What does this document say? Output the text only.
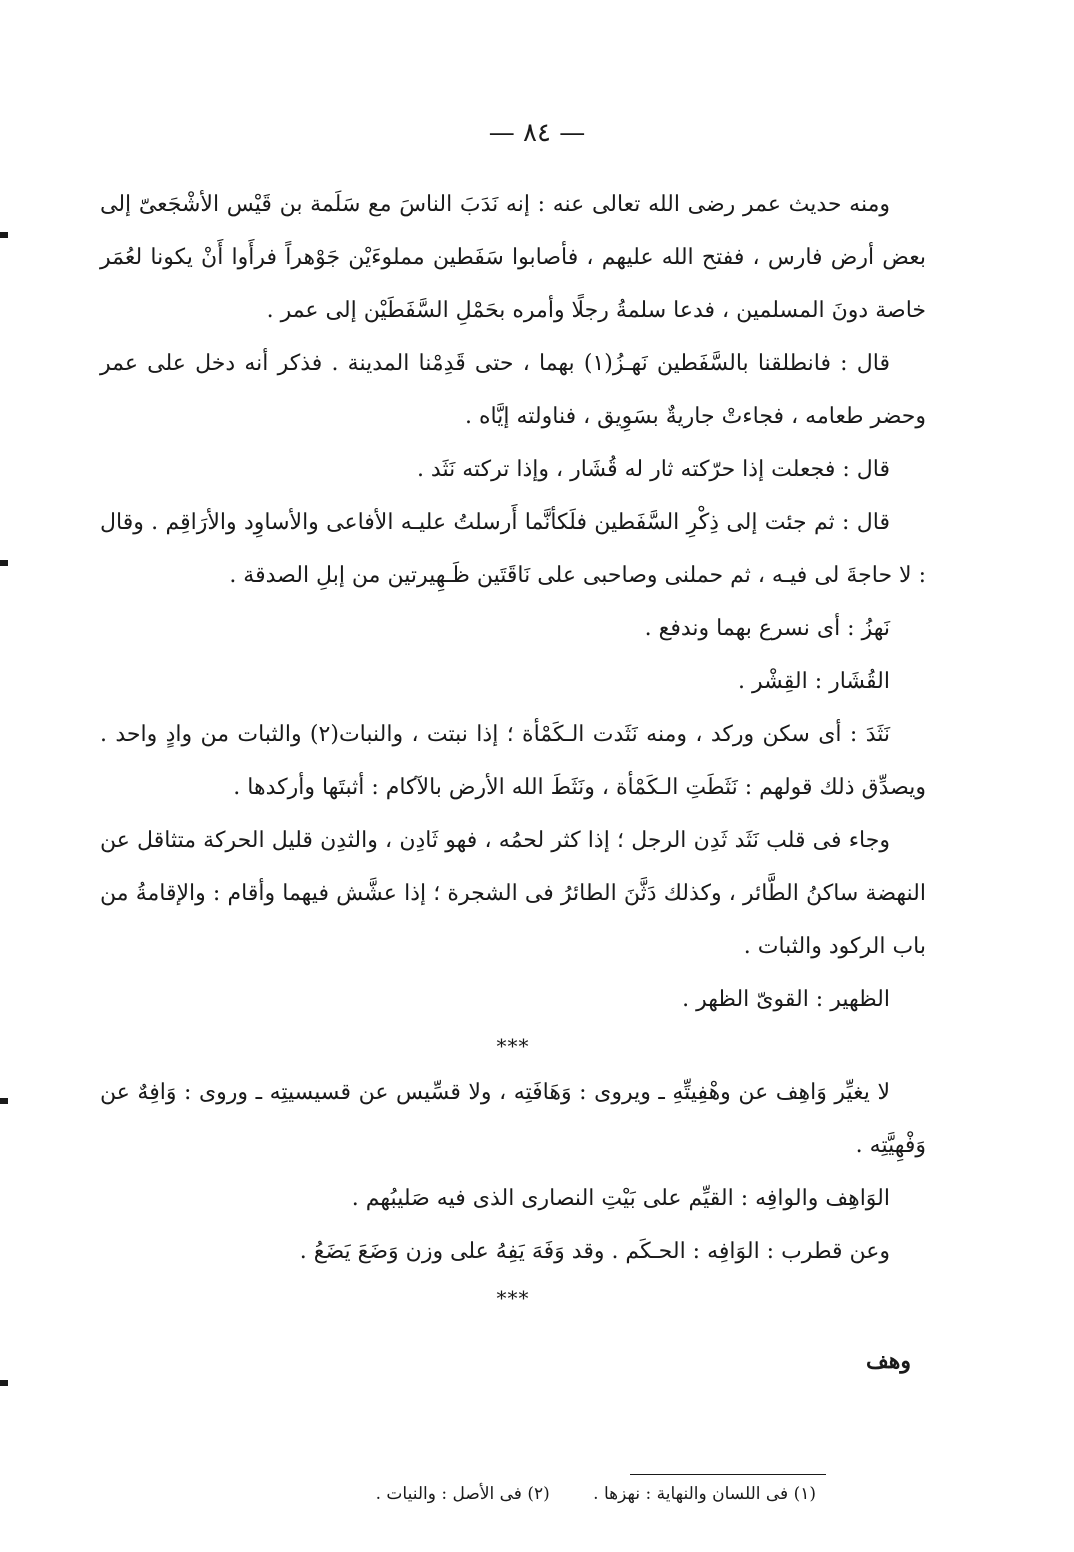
— ٨٤ —

ومنه حديث عمر رضى الله تعالى عنه : إنه نَدَبَ الناسَ مع سَلَمة بن قَيْس الأشْجَعىّ إلى بعض أرض فارس ، ففتح الله عليهم ، فأصابوا سَفَطين مملوءَيْن جَوْهراً فرأَوا أَنْ يكونا لعُمَر خاصة دونَ المسلمين ، فدعا سلمةُ رجلًا وأمره بحَمْلِ السَّفَطَيْن إلى عمر .

قال : فانطلقنا بالسَّفَطين نَهـزُ(١) بهما ، حتى قَدِمْنا المدينة . فذكر أنه دخل على عمر وحضر طعامه ، فجاءتْ جاريةٌ بسَوِيق ، فناولته إيَّاه .

قال : فجعلت إذا حرّكته ثار له قُشَار ، وإذا تركته نَثَد .

قال : ثم جئت إلى ذِكْرِ السَّفَطين فلَكأنَّما أَرسلتُ عليـه الأفاعى والأساوِد والأرَاقِم . وقال : لا حاجةَ لى فيـه ، ثم حملنى وصاحبى على نَاقَتَين ظَـهِيرتين من إبلِ الصدقة .

نَهزُ : أى نسرع بهما وندفع .

القُشَار : القِشْر .

نَثَدَ : أى سكن وركد ، ومنه نَثَدت الـكَمْأة ؛ إذا نبتت ، والنبات(٢) والثبات من وادٍ واحد . ويصدِّق ذلك قولهم : نَثَطَتِ الـكَمْأة ، ونَثَطَ الله الأرض بالآكام : أثبتَها وأركدها .

وجاء فى قلب نَثَد ثَدِن الرجل ؛ إذا كثر لحمُه ، فهو ثَادِن ، والثدِن قليل الحركة متثاقل عن النهضة ساكنُ الطَّائر ، وكذلك دَثَّنَ الطائرُ فى الشجرة ؛ إذا عشَّش فيهما وأقام : والإقامةُ من باب الركود والثبات .

الظهير : القوىّ الظهر .

***

لا يغيِّر وَاهِف عن وهْفِيتِّهِ ـ ويروى : وَهَافَتِه ، ولا قسِّيس عن قسيسيتِه ـ وروى : وَافِهٌ عن وَفْهِيَّتِه .

الوَاهِف والوافِه : القيِّم على بَيْتِ النصارى الذى فيه صَليبُهم .

وعن قطرب : الوَافِه : الحـكَم . وقد وَفَهَ يَفِهُ على وزن وَضَعَ يَضَعُ .

***

وهف
(١) فى اللسان والنهاية : نهزها . (٢) فى الأصل : والنيات .
